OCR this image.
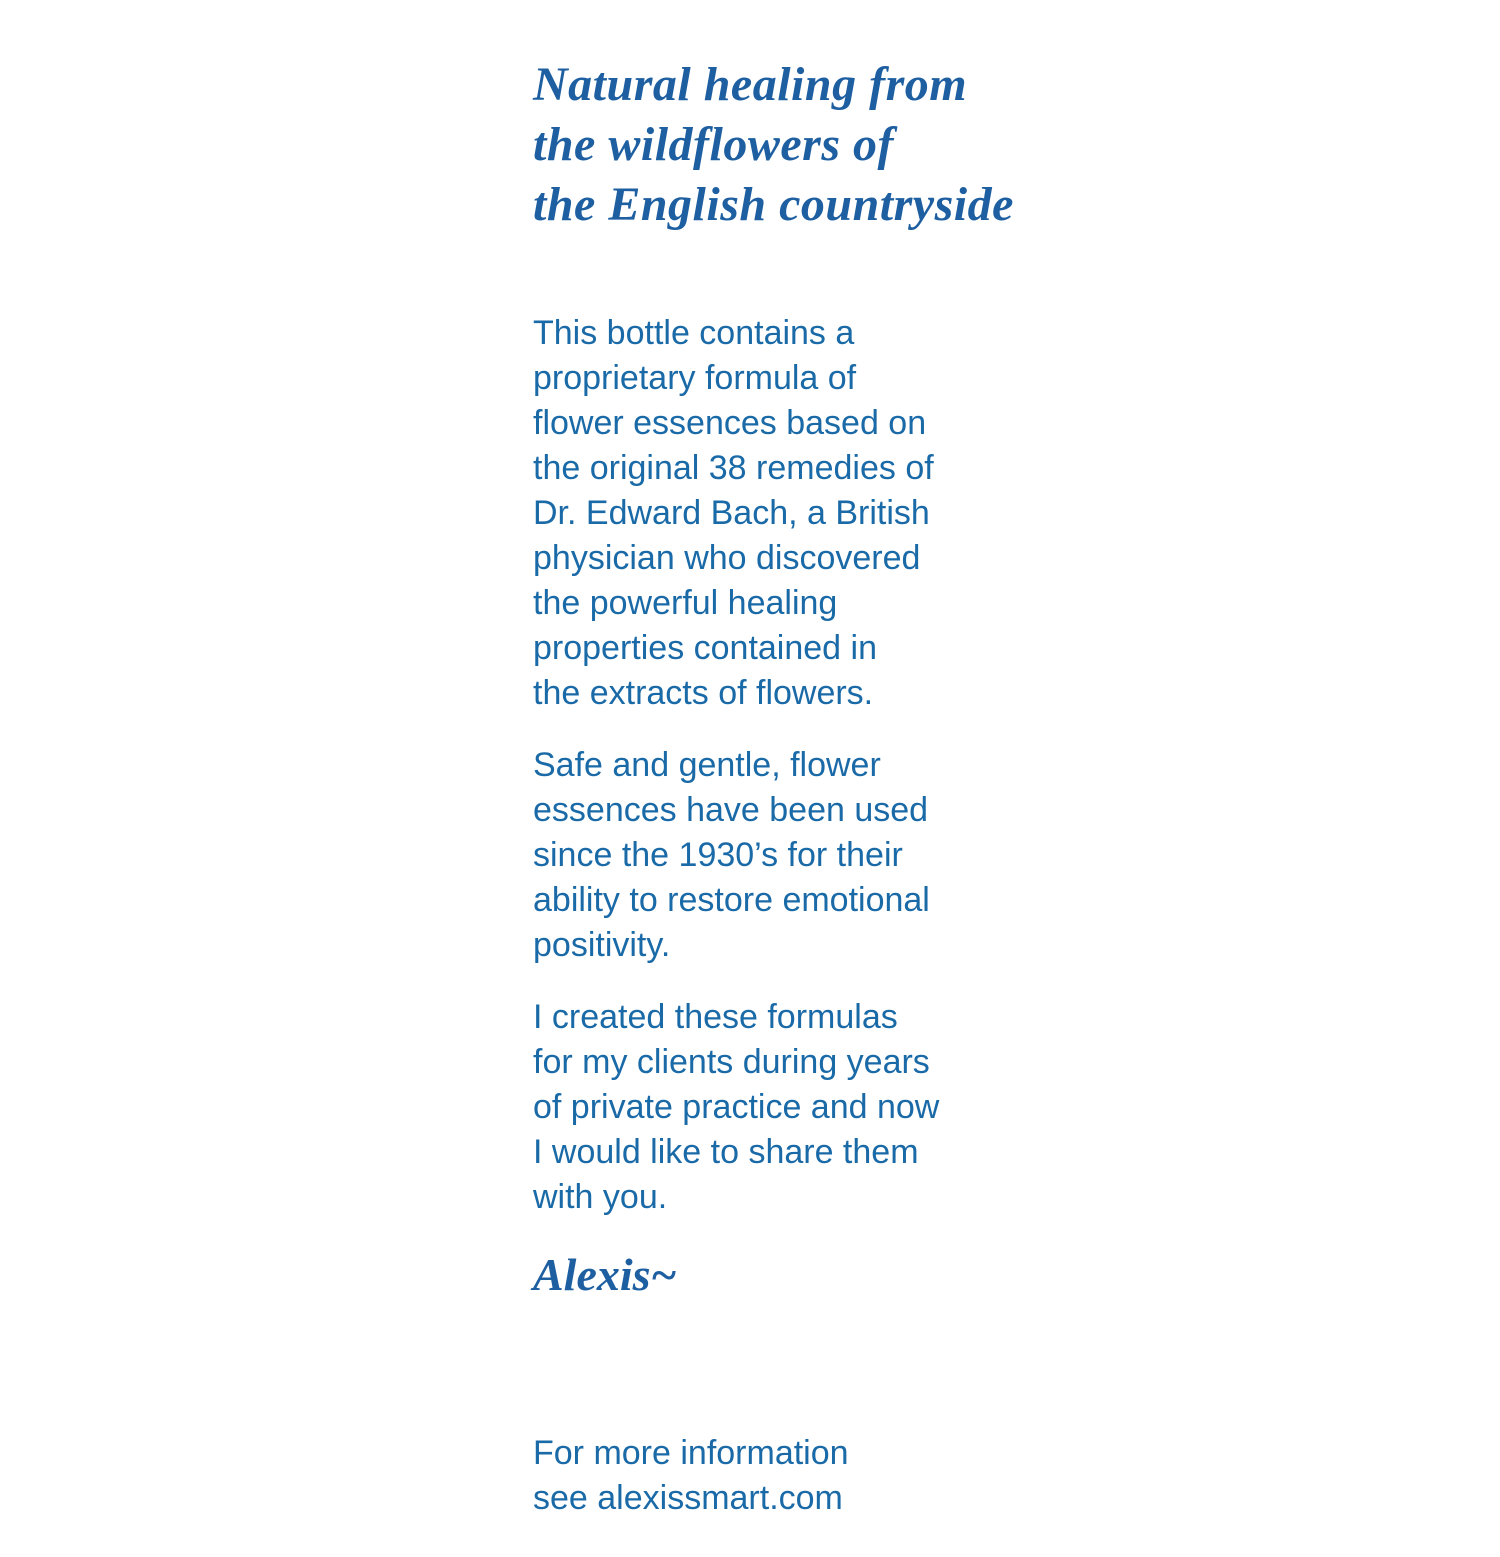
Natural healing from
the wildflowers of
the English countryside

This bottle contains a
proprietary formula of
flower essences based on
the original 38 remedies of
Dr. Edward Bach, a British
physician who discovered
the powerful healing
properties contained in
the extracts of flowers.

Safe and gentle, flower
essences have been used
since the 1930’s for their
ability to restore emotional
positivity.

I created these formulas
for my clients during years
of private practice and now
I would like to share them
with you.

Alexis~
For more information
see alexissmart.com
